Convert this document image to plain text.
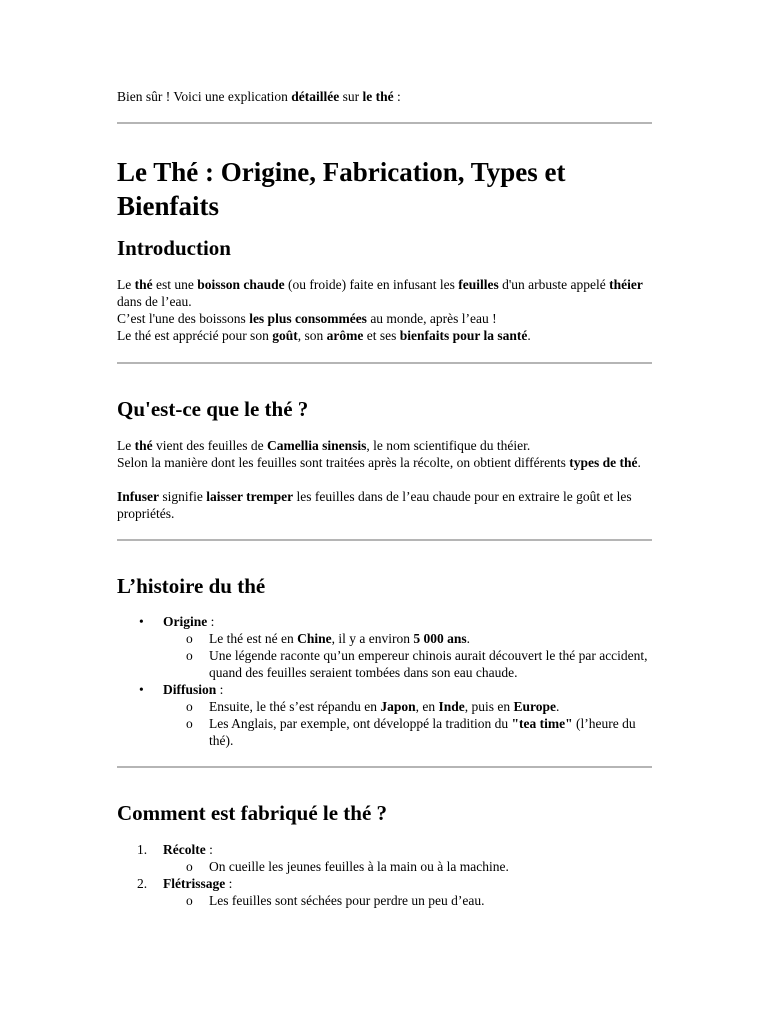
Bien sûr ! Voici une explication détaillée sur le thé :

Le Thé : Origine, Fabrication, Types et Bienfaits
Introduction

Le thé est une boisson chaude (ou froide) faite en infusant les feuilles d'un arbuste appelé théier dans de l’eau.

C’est l'une des boissons les plus consommées au monde, après l’eau !

Le thé est apprécié pour son goût, son arôme et ses bienfaits pour la santé.

Qu'est-ce que le thé ?

Le thé vient des feuilles de Camellia sinensis, le nom scientifique du théier.

Selon la manière dont les feuilles sont traitées après la récolte, on obtient différents types de thé.

Infuser signifie laisser tremper les feuilles dans de l’eau chaude pour en extraire le goût et les propriétés.

L’histoire du thé
• Origine :
o Le thé est né en Chine, il y a environ 5 000 ans.
o Une légende raconte qu’un empereur chinois aurait découvert le thé par accident, quand des feuilles seraient tombées dans son eau chaude.
• Diffusion :
o Ensuite, le thé s’est répandu en Japon, en Inde, puis en Europe.
o Les Anglais, par exemple, ont développé la tradition du "tea time" (l’heure du thé).
Comment est fabriqué le thé ?
1. Récolte :
o On cueille les jeunes feuilles à la main ou à la machine.
2. Flétrissage :
o Les feuilles sont séchées pour perdre un peu d’eau.
